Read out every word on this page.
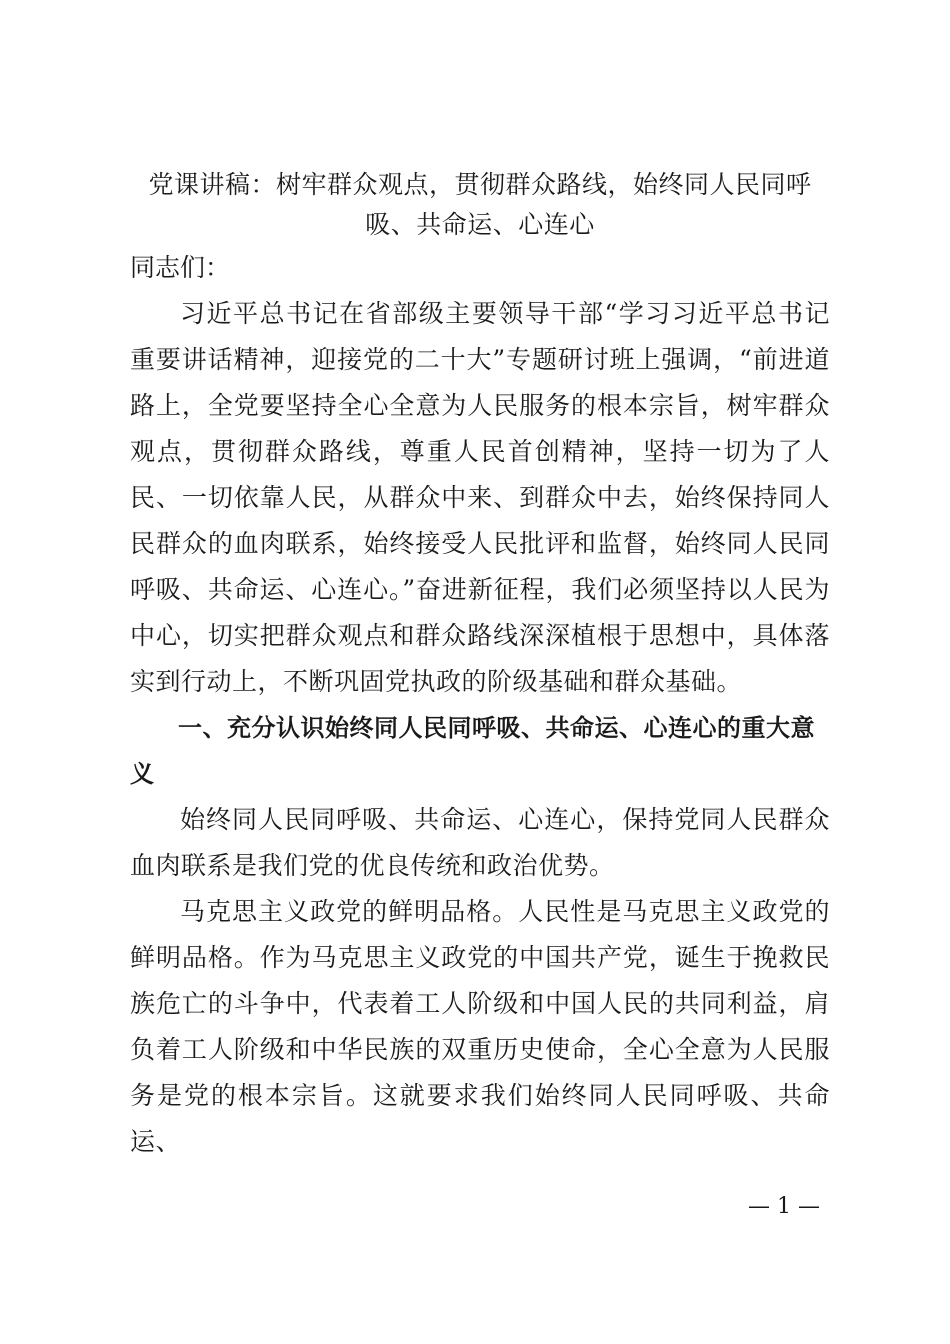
党课讲稿：树牢群众观点，贯彻群众路线，始终同人民同呼吸、共命运、心连心

同志们：

习近平总书记在省部级主要领导干部“学习习近平总书记重要讲话精神，迎接党的二十大”专题研讨班上强调，“前进道路上，全党要坚持全心全意为人民服务的根本宗旨，树牢群众观点，贯彻群众路线，尊重人民首创精神，坚持一切为了人民、一切依靠人民，从群众中来、到群众中去，始终保持同人民群众的血肉联系，始终接受人民批评和监督，始终同人民同呼吸、共命运、心连心。”奋进新征程，我们必须坚持以人民为中心，切实把群众观点和群众路线深深植根于思想中，具体落实到行动上，不断巩固党执政的阶级基础和群众基础。

一、充分认识始终同人民同呼吸、共命运、心连心的重大意义

始终同人民同呼吸、共命运、心连心，保持党同人民群众血肉联系是我们党的优良传统和政治优势。

马克思主义政党的鲜明品格。人民性是马克思主义政党的鲜明品格。作为马克思主义政党的中国共产党，诞生于挽救民族危亡的斗争中，代表着工人阶级和中国人民的共同利益，肩负着工人阶级和中华民族的双重历史使命，全心全意为人民服务是党的根本宗旨。这就要求我们始终同人民同呼吸、共命运、

— 1 —
